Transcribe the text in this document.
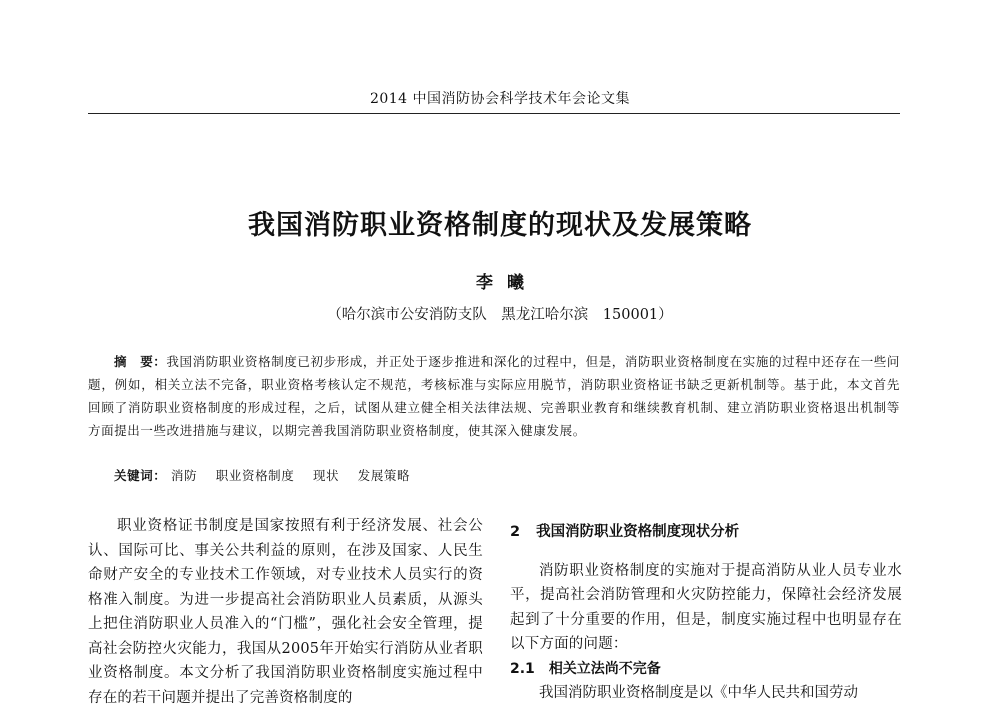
2014 中国消防协会科学技术年会论文集
我国消防职业资格制度的现状及发展策略
李曦
（哈尔滨市公安消防支队　黑龙江哈尔滨　150001）
摘　要：我国消防职业资格制度已初步形成，并正处于逐步推进和深化的过程中，但是，消防职业资格制度在实施的过程中还存在一些问题，例如，相关立法不完备，职业资格考核认定不规范，考核标准与实际应用脱节，消防职业资格证书缺乏更新机制等。基于此，本文首先回顾了消防职业资格制度的形成过程，之后，试图从建立健全相关法律法规、完善职业教育和继续教育机制、建立消防职业资格退出机制等方面提出一些改进措施与建议，以期完善我国消防职业资格制度，使其深入健康发展。
关键词： 消防 职业资格制度 现状 发展策略
职业资格证书制度是国家按照有利于经济发展、社会公认、国际可比、事关公共利益的原则，在涉及国家、人民生命财产安全的专业技术工作领域，对专业技术人员实行的资格准入制度。为进一步提高社会消防职业人员素质，从源头上把住消防职业人员准入的“门槛”，强化社会安全管理，提高社会防控火灾能力，我国从2005年开始实行消防从业者职业资格制度。本文分析了我国消防职业资格制度实施过程中存在的若干问题并提出了完善资格制度的
2 我国消防职业资格制度现状分析

消防职业资格制度的实施对于提高消防从业人员专业水平，提高社会消防管理和火灾防控能力，保障社会经济发展起到了十分重要的作用，但是，制度实施过程中也明显存在以下方面的问题：

2.1 相关立法尚不完备

我国消防职业资格制度是以《中华人民共和国劳动
